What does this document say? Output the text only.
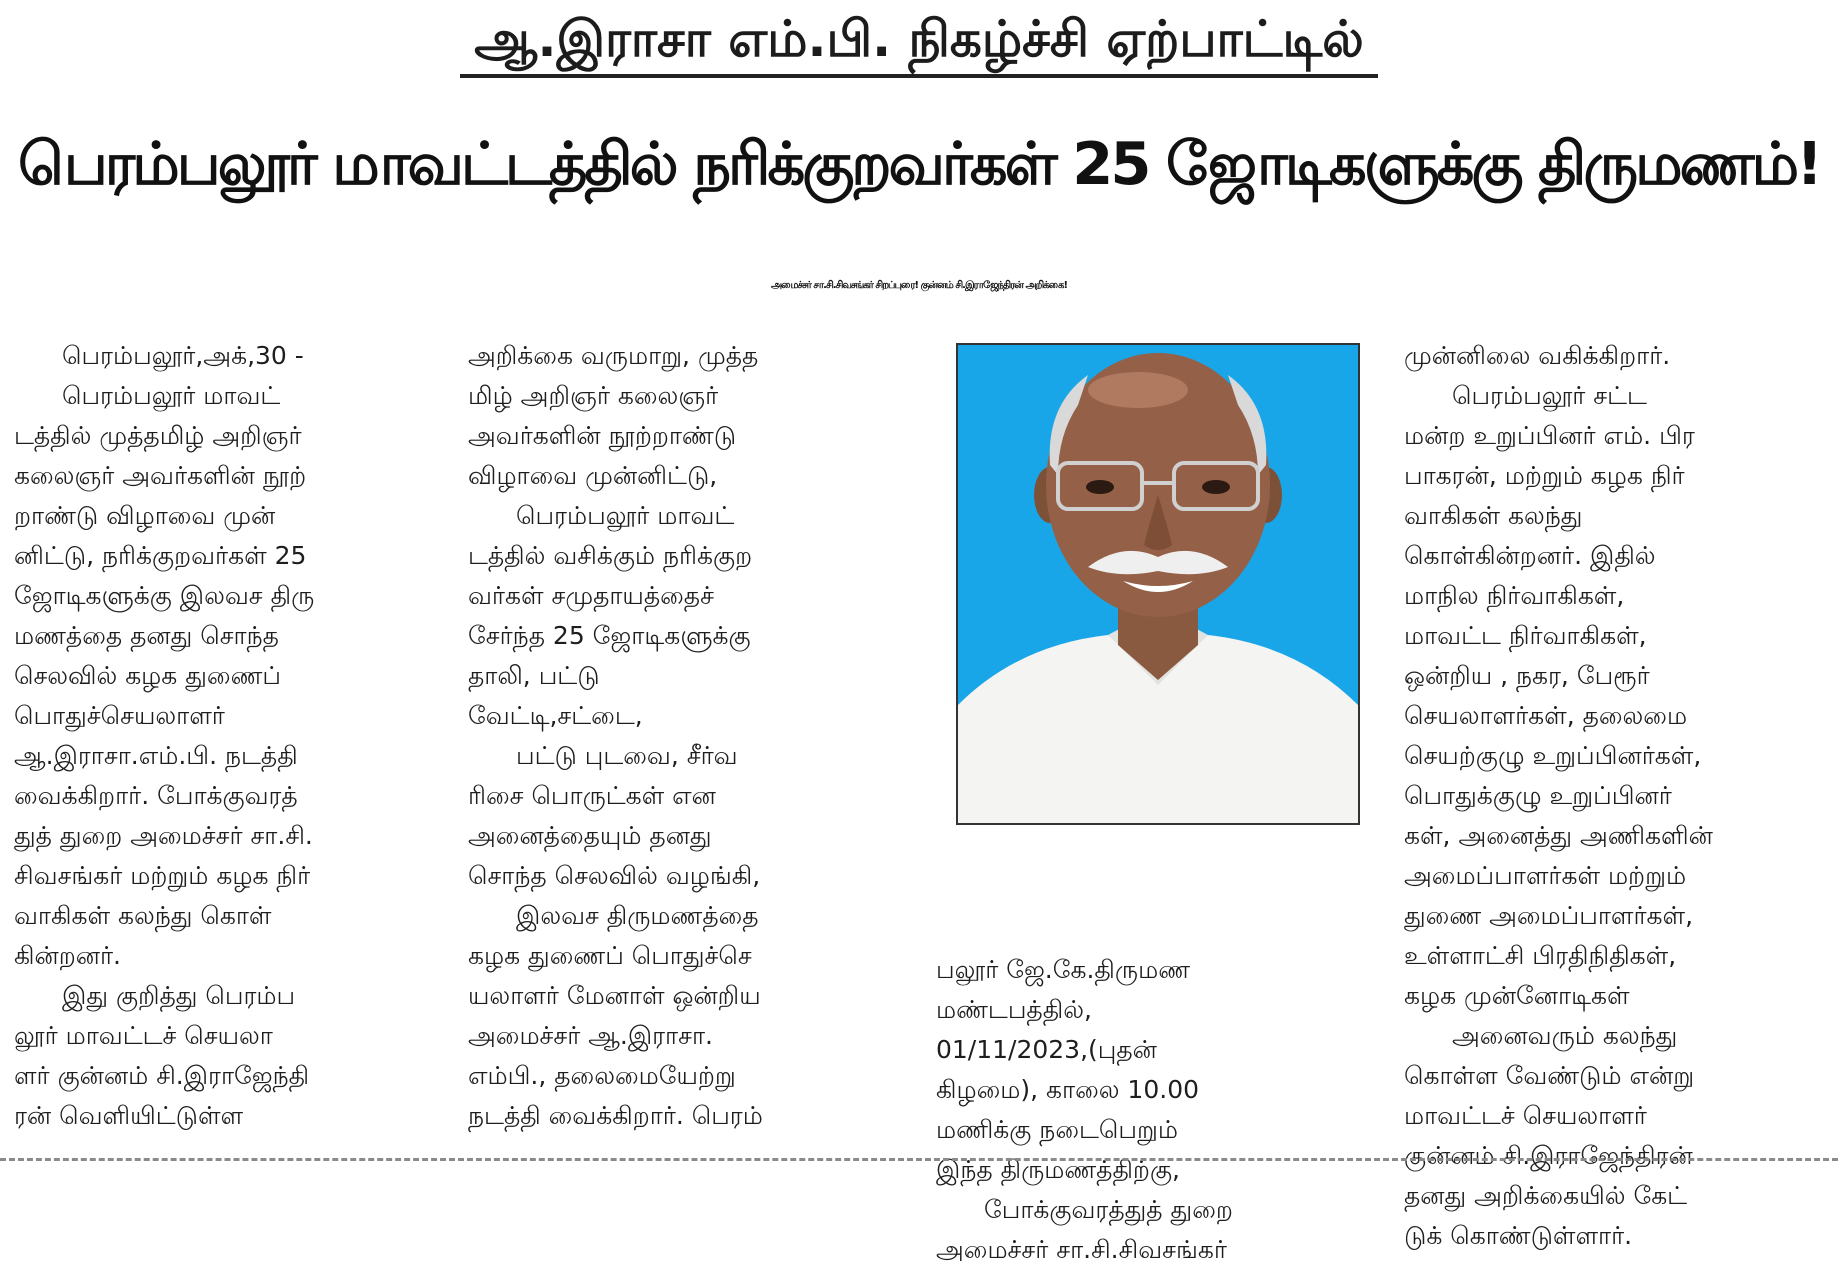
ஆ.இராசா எம்.பி. நிகழ்ச்சி ஏற்பாட்டில்
பெரம்பலூர் மாவட்டத்தில் நரிக்குறவர்கள் 25 ஜோடிகளுக்கு திருமணம்!
அமைச்சர் சா.சி.சிவசங்கர் சிறப்புரை! குன்னம் சி.இராஜேந்திரன் அறிக்கை!
பெரம்பலூர்,அக்,30 -
பெரம்பலூர் மாவட்
டத்தில் முத்தமிழ் அறிஞர்
கலைஞர் அவர்களின் நூற்
றாண்டு விழாவை முன்
னிட்டு, நரிக்குறவர்கள் 25
ஜோடிகளுக்கு இலவச திரு
மணத்தை தனது சொந்த
செலவில் கழக துணைப்
பொதுச்செயலாளர்
ஆ.இராசா.எம்.பி. நடத்தி
வைக்கிறார். போக்குவரத்
துத் துறை அமைச்சர் சா.சி.
சிவசங்கர் மற்றும் கழக நிர்
வாகிகள் கலந்து கொள்
கின்றனர்.
இது குறித்து பெரம்ப
லூர் மாவட்டச் செயலா
ளர் குன்னம் சி.இராஜேந்தி
ரன் வெளியிட்டுள்ள
அறிக்கை வருமாறு, முத்த
மிழ் அறிஞர் கலைஞர்
அவர்களின் நூற்றாண்டு
விழாவை முன்னிட்டு,
பெரம்பலூர் மாவட்
டத்தில் வசிக்கும் நரிக்குற
வர்கள் சமுதாயத்தைச்
சேர்ந்த 25 ஜோடிகளுக்கு
தாலி, பட்டு
வேட்டி,சட்டை,
பட்டு புடவை, சீர்வ
ரிசை பொருட்கள் என
அனைத்தையும் தனது
சொந்த செலவில் வழங்கி,
இலவச திருமணத்தை
கழக துணைப் பொதுச்செ
யலாளர் மேனாள் ஒன்றிய
அமைச்சர் ஆ.இராசா.
எம்பி., தலைமையேற்று
நடத்தி வைக்கிறார். பெரம்
பலூர் ஜே.கே.திருமண
மண்டபத்தில்,
01/11/2023,(புதன்
கிழமை), காலை 10.00
மணிக்கு நடைபெறும்
இந்த திருமணத்திற்கு,
போக்குவரத்துத் துறை
அமைச்சர் சா.சி.சிவசங்கர்
முன்னிலை வகிக்கிறார்.
பெரம்பலூர் சட்ட
மன்ற உறுப்பினர் எம். பிர
பாகரன், மற்றும் கழக நிர்
வாகிகள் கலந்து
கொள்கின்றனர். இதில்
மாநில நிர்வாகிகள்,
மாவட்ட நிர்வாகிகள்,
ஒன்றிய , நகர, பேரூர்
செயலாளர்கள், தலைமை
செயற்குழு உறுப்பினர்கள்,
பொதுக்குழு உறுப்பினர்
கள், அனைத்து அணிகளின்
அமைப்பாளர்கள் மற்றும்
துணை அமைப்பாளர்கள்,
உள்ளாட்சி பிரதிநிதிகள்,
கழக முன்னோடிகள்
அனைவரும் கலந்து
கொள்ள வேண்டும் என்று
மாவட்டச் செயலாளர்
குன்னம் சி.இராஜேந்திரன்
தனது அறிக்கையில் கேட்
டுக் கொண்டுள்ளார்.
